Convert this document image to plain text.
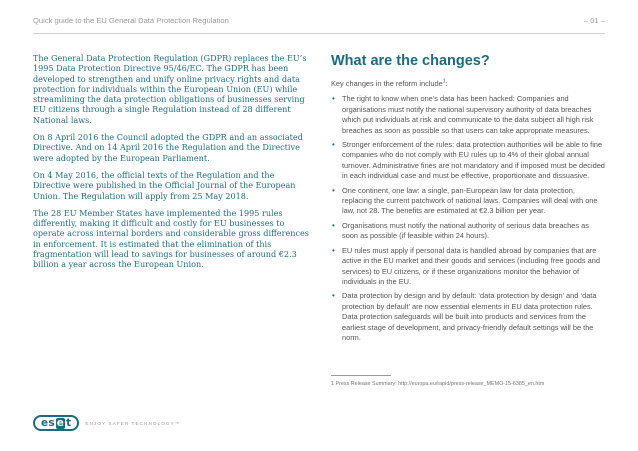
Quick guide to the EU General Data Protection Regulation	– 01 –

The General Data Protection Regulation (GDPR) replaces the EU’s 1995 Data Protection Directive 95/46/EC. The GDPR has been developed to strengthen and unify online privacy rights and data protection for individuals within the European Union (EU) while streamlining the data protection obligations of businesses serving EU citizens through a single Regulation instead of 28 different National laws.

On 8 April 2016 the Council adopted the GDPR and an associated Directive. And on 14 April 2016 the Regulation and the Directive were adopted by the European Parliament.

On 4 May 2016, the official texts of the Regulation and the Directive were published in the Official Journal of the European Union. The Regulation will apply from 25 May 2018.

The 28 EU Member States have implemented the 1995 rules differently, making it difficult and costly for EU businesses to operate across internal borders and considerable gross differences in enforcement. It is estimated that the elimination of this fragmentation will lead to savings for businesses of around €2.3 billion a year across the European Union.

What are the changes?

Key changes in the reform include$^1$:

• The right to know when one’s data has been hacked: Companies and organisations must notify the national supervisory authority of data breaches which put individuals at risk and communicate to the data subject all high risk breaches as soon as possible so that users can take appropriate measures.
• Stronger enforcement of the rules: data protection authorities will be able to fine companies who do not comply with EU rules up to 4% of their global annual turnover. Administrative fines are not mandatory and if imposed must be decided in each individual case and must be effective, proportionate and dissuasive.
• One continent, one law: a single, pan-European law for data protection, replacing the current patchwork of national laws. Companies will deal with one law, not 28. The benefits are estimated at €2.3 billion per year.
• Organisations must notify the national authority of serious data breaches as soon as possible (if feasible within 24 hours).
• EU rules must apply if personal data is handled abroad by companies that are active in the EU market and their goods and services (including free goods and services) to EU citizens, or if these organizations monitor the behavior of individuals in the EU.
• Data protection by design and by default: ‘data protection by design’ and ‘data protection by default’ are now essential elements in EU data protection rules. Data protection safeguards will be built into products and services from the earliest stage of development, and privacy-friendly default settings will be the norm.
1 Press Release Summary: http://europa.eu/rapid/press-release_MEMO-15-6385_en.htm
es e t	ENJOY SAFER TECHNOLOGY™
